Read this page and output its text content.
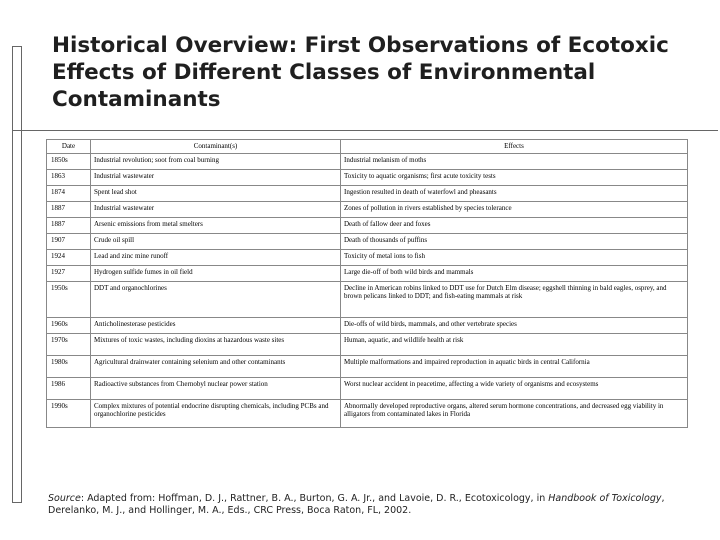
Historical Overview: First Observations of Ecotoxic Effects of Different Classes of Environmental Contaminants
Date	Contaminant(s)	Effects
1850s	Industrial revolution; soot from coal burning	Industrial melanism of moths
1863	Industrial wastewater	Toxicity to aquatic organisms; first acute toxicity tests
1874	Spent lead shot	Ingestion resulted in death of waterfowl and pheasants
1887	Industrial wastewater	Zones of pollution in rivers established by species tolerance
1887	Arsenic emissions from metal smelters	Death of fallow deer and foxes
1907	Crude oil spill	Death of thousands of puffins
1924	Lead and zinc mine runoff	Toxicity of metal ions to fish
1927	Hydrogen sulfide fumes in oil field	Large die-off of both wild birds and mammals
1950s	DDT and organochlorines	Decline in American robins linked to DDT use for Dutch Elm disease; eggshell thinning in bald eagles, osprey, and brown pelicans linked to DDT; and fish-eating mammals at risk
1960s	Anticholinesterase pesticides	Die-offs of wild birds, mammals, and other vertebrate species
1970s	Mixtures of toxic wastes, including dioxins at hazardous waste sites	Human, aquatic, and wildlife health at risk
1980s	Agricultural drainwater containing selenium and other contaminants	Multiple malformations and impaired reproduction in aquatic birds in central California
1986	Radioactive substances from Chernobyl nuclear power station	Worst nuclear accident in peacetime, affecting a wide variety of organisms and ecosystems
1990s	Complex mixtures of potential endocrine disrupting chemicals, including PCBs and organochlorine pesticides	Abnormally developed reproductive organs, altered serum hormone concentrations, and decreased egg viability in alligators from contaminated lakes in Florida
Source: Adapted from: Hoffman, D. J., Rattner, B. A., Burton, G. A. Jr., and Lavoie, D. R., Ecotoxicology, in Handbook of Toxicology, Derelanko, M. J., and Hollinger, M. A., Eds., CRC Press, Boca Raton, FL, 2002.
